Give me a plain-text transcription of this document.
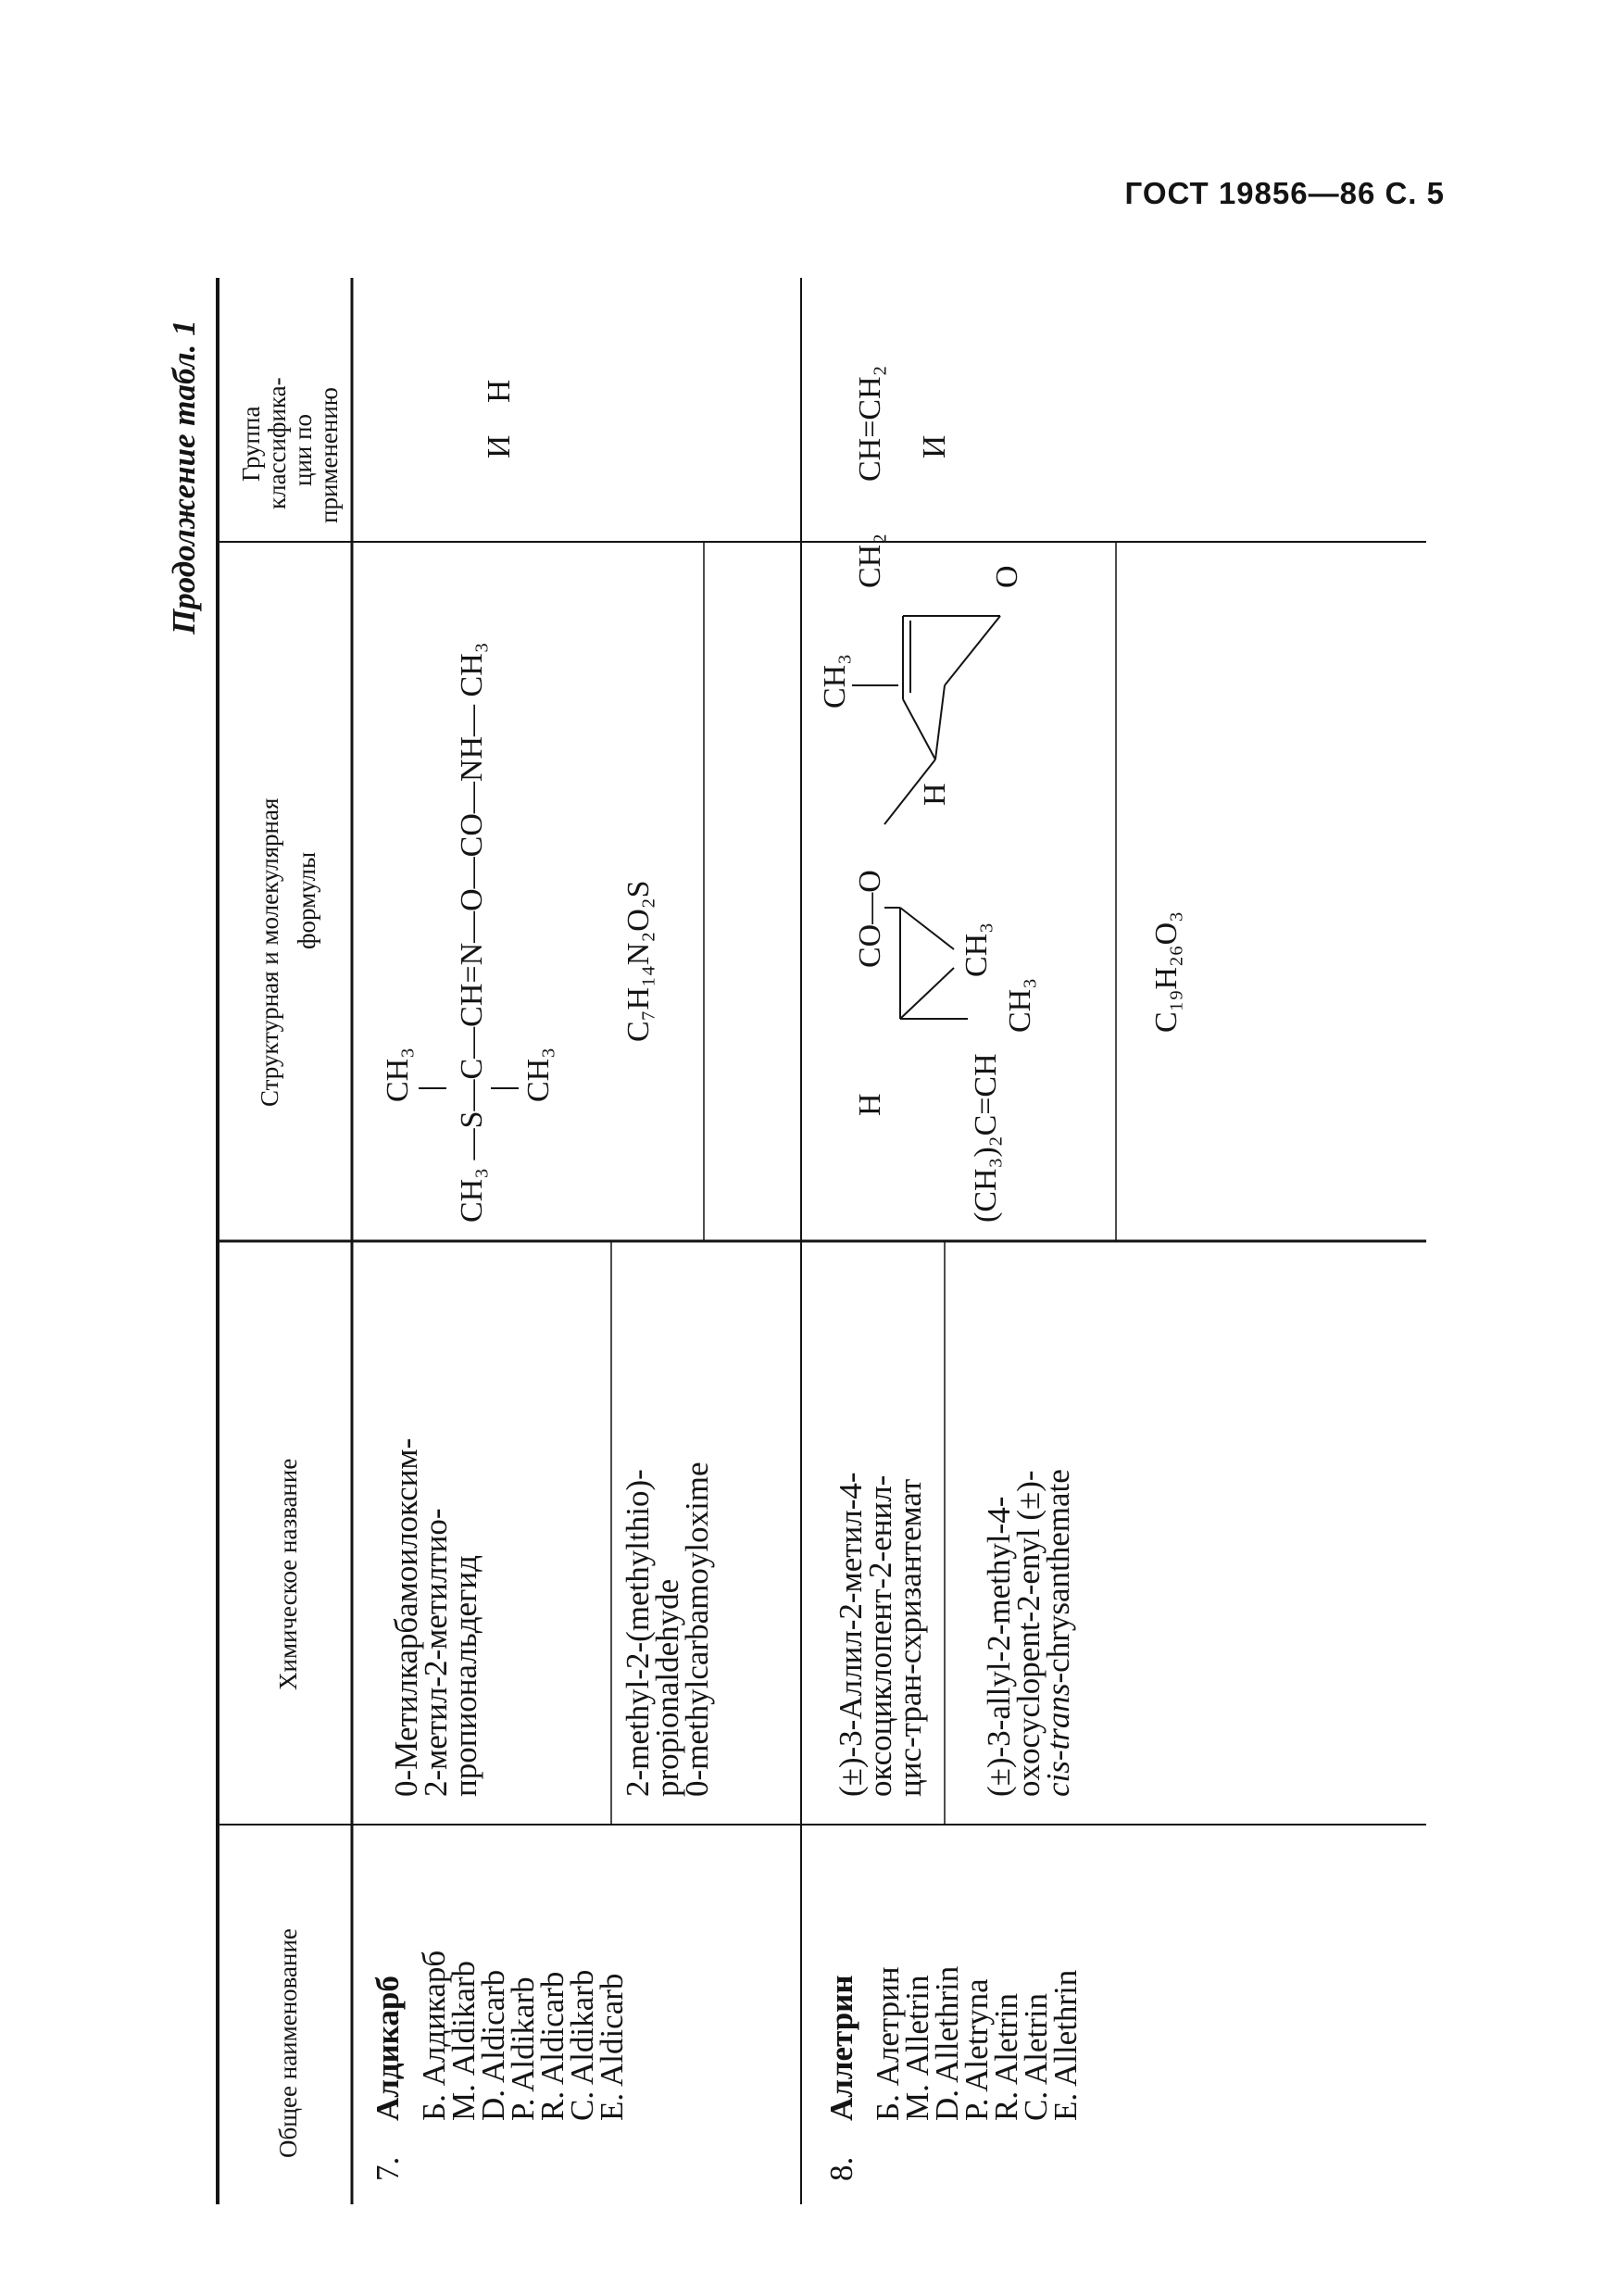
ГОСТ 19856—86 С. 5
Продолжение табл. 1
Общее наименование
Химическое название
Структурная и молекулярная формулы
Группа
классифика-
ции по
применению
7.
Алдикарб Б. Алдикарб
М. Aldikarb
D. Aldicarb
P. Aldikarb
R. Aldicarb
C. Aldikarb
E. Aldicarb
0-Метилкарбамоилоксим-
2-метил-2-метилтио-
пропиональдегид	2-methyl-2-(methylthio)-
propionaldehyde
0-methylcarbamoyloxime
CH₃ CH₃ —S—C—CH=N—O—CO—NH— CH₃ CH₃
C₇H₁₄N₂O₂S
И
Н
8.
Аллетрин Б. Алетрин
М. Alletrin
D. Allethrin
P. Aletryna
R. Aletrin
C. Aletrin
E. Allethrin
(±)-3-Аллил-2-метил-4-
оксоциклопент-2-енил-
цис-тран-схризантемат (±)-3-allyl-2-methyl-4-
oxocyclopent-2-enyl (±)-
cis-trans-chrysanthemate
H
CO—O
CH₃
CH₂
CH=CH₂
H
(CH₃)₂C=CH
CH₃
CH₃
O
C₁₉H₂₆O₃
И
